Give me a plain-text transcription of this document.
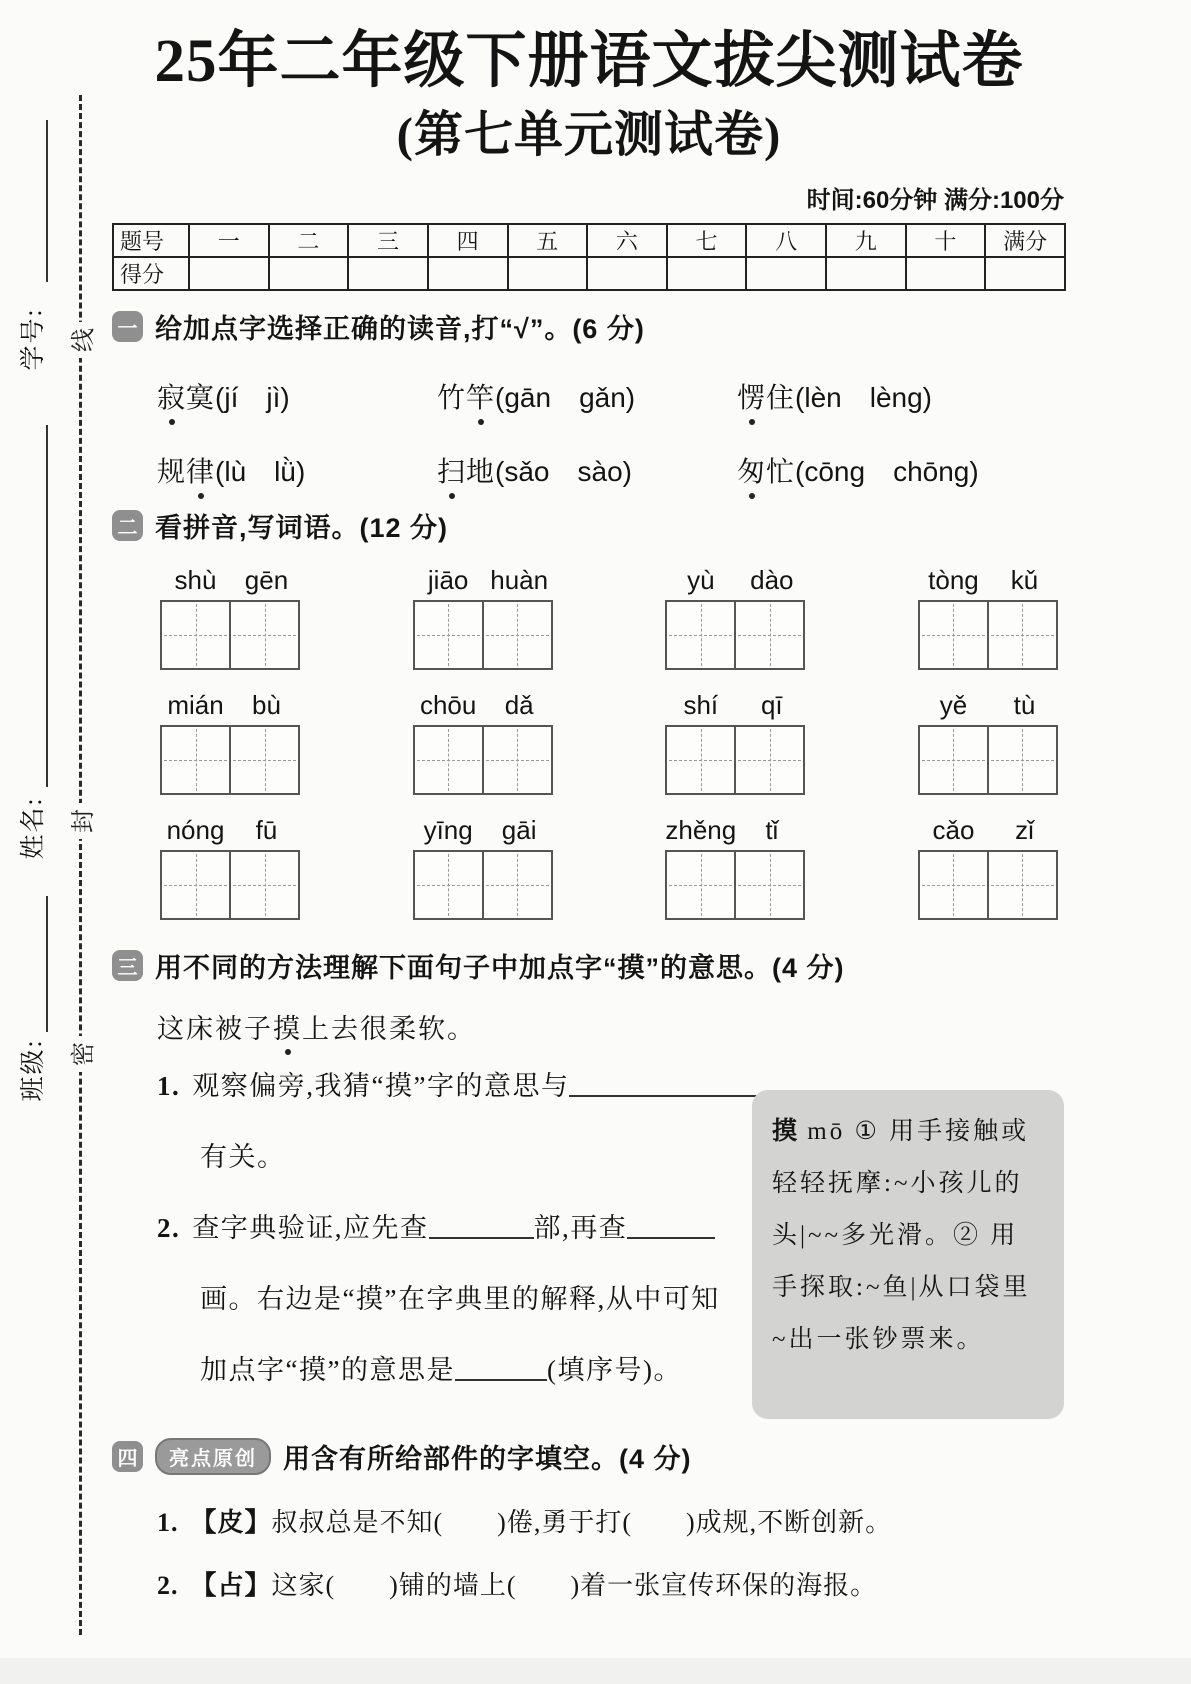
学号: 线
姓名: 封
班级: 密
25年二年级下册语文拔尖测试卷
(第七单元测试卷)
时间:60分钟 满分:100分
题号	一	二	三	四	五	六	七	八	九	十	满分
得分											
一 给加点字选择正确的读音,打“√”。(6 分)
寂寞(jí　jì)	竹竿(gān　gǎn)	愣住(lèn　lèng)
规律(lù　lǜ)	扫地(sǎo　sào)	匆忙(cōng　chōng)
二 看拼音,写词语。(12 分)
shù	gēn	jiāo huàn	yù	dào	tòng	kǔ
mián	bù	chōu	dǎ	shí	qī	yě	tù
nóng	fū	yīng	gāi	zhěng	tǐ	cǎo	zǐ
三 用不同的方法理解下面句子中加点字“摸”的意思。(4 分)
这床被子摸上去很柔软。
1. 观察偏旁,我猜“摸”字的意思与
有关。
2. 查字典验证,应先查	部,再查
画。右边是“摸”在字典里的解释,从中可知
加点字“摸”的意思是	(填序号)。
摸 mō ① 用手接触或
轻轻抚摩:~小孩儿的
头|~~多光滑。② 用
手探取:~鱼|从口袋里
~出一张钞票来。
四	亮点原创 用含有所给部件的字填空。(4 分)
1. 【皮】叔叔总是不知(　　)倦,勇于打(　　)成规,不断创新。
2. 【占】这家(　　)铺的墙上(　　)着一张宣传环保的海报。
